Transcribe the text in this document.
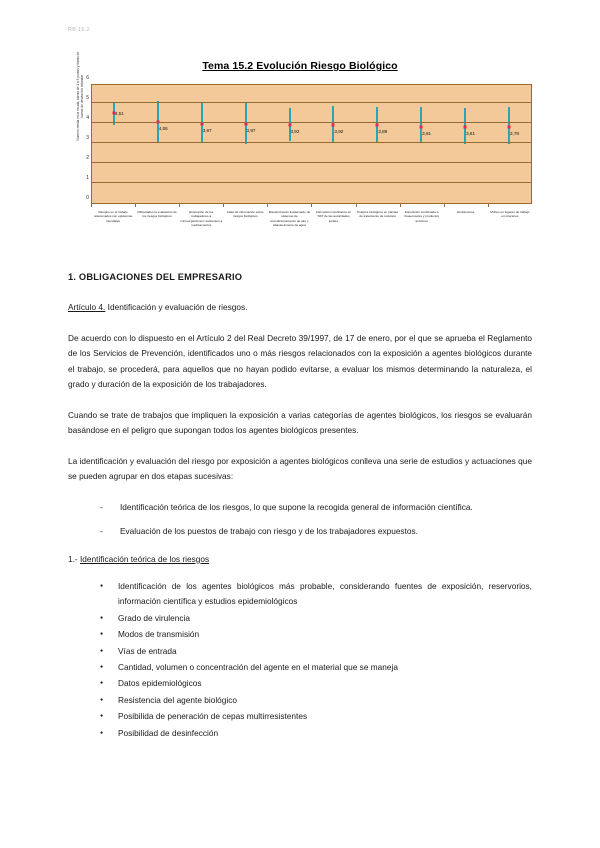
RB 15.2
Tema 15.2 Evolución Riesgo Biológico
Número media en la escala, barras de 1 a 5 puntos y líneas de barras de desviación estándar
0
1
2
3
4
5
6
4,51
4,06	3,97	3,97	3,92	3,92	3,89	3,81	3,81	3,78
Riesgos en el trabajo relacionados con epidemias mundiales
Dificultades la evaluación de los riesgos biológicos
Exposición de los trabajadores a microorganismos resistentes a medicamentos
Falta de información sobre riesgos biológicos
Mantenimiento inadecuado de sistemas de acondicionamiento de aire y abastecimiento de agua
Formación insuficiente en SST de las autoridades locales
Peligros biológicos en plantas de tratamiento de residuos
Exposición combinada a bioaerosoles y productos químicos
Endotoxinas	Mohos en lugares de trabajo en interiores
1. OBLIGACIONES DEL EMPRESARIO
Artículo 4. Identificación y evaluación de riesgos.

De acuerdo con lo dispuesto en el Artículo 2 del Real Decreto 39/1997, de 17 de enero, por el que se aprueba el Reglamento de los Servicios de Prevención, identificados uno o más riesgos relacionados con la exposición a agentes biológicos durante el trabajo, se procederá, para aquellos que no hayan podido evitarse, a evaluar los mismos determinando la naturaleza, el grado y duración de la exposición de los trabajadores.

Cuando se trate de trabajos que impliquen la exposición a varias categorías de agentes biológicos, los riesgos se evaluarán basándose en el peligro que supongan todos los agentes biológicos presentes.

La identificación y evaluación del riesgo por exposición a agentes biológicos conlleva una serie de estudios y actuaciones que se pueden agrupar en dos etapas sucesivas:

- Identificación teórica de los riesgos, lo que supone la recogida general de información científica.
- Evaluación de los puestos de trabajo con riesgo y de los trabajadores expuestos.
1.- Identificación teórica de los riesgos
● Identificación de los agentes biológicos más probable, considerando fuentes de exposición, reservorios, información científica y estudios epidemiológicos
● Grado de virulencia
● Modos de transmisión
● Vías de entrada
● Cantidad, volumen o concentración del agente en el material que se maneja
● Datos epidemiológicos
● Resistencia del agente biológico
● Posibilida de peneración de cepas multirresistentes
● Posibilidad de desinfección
